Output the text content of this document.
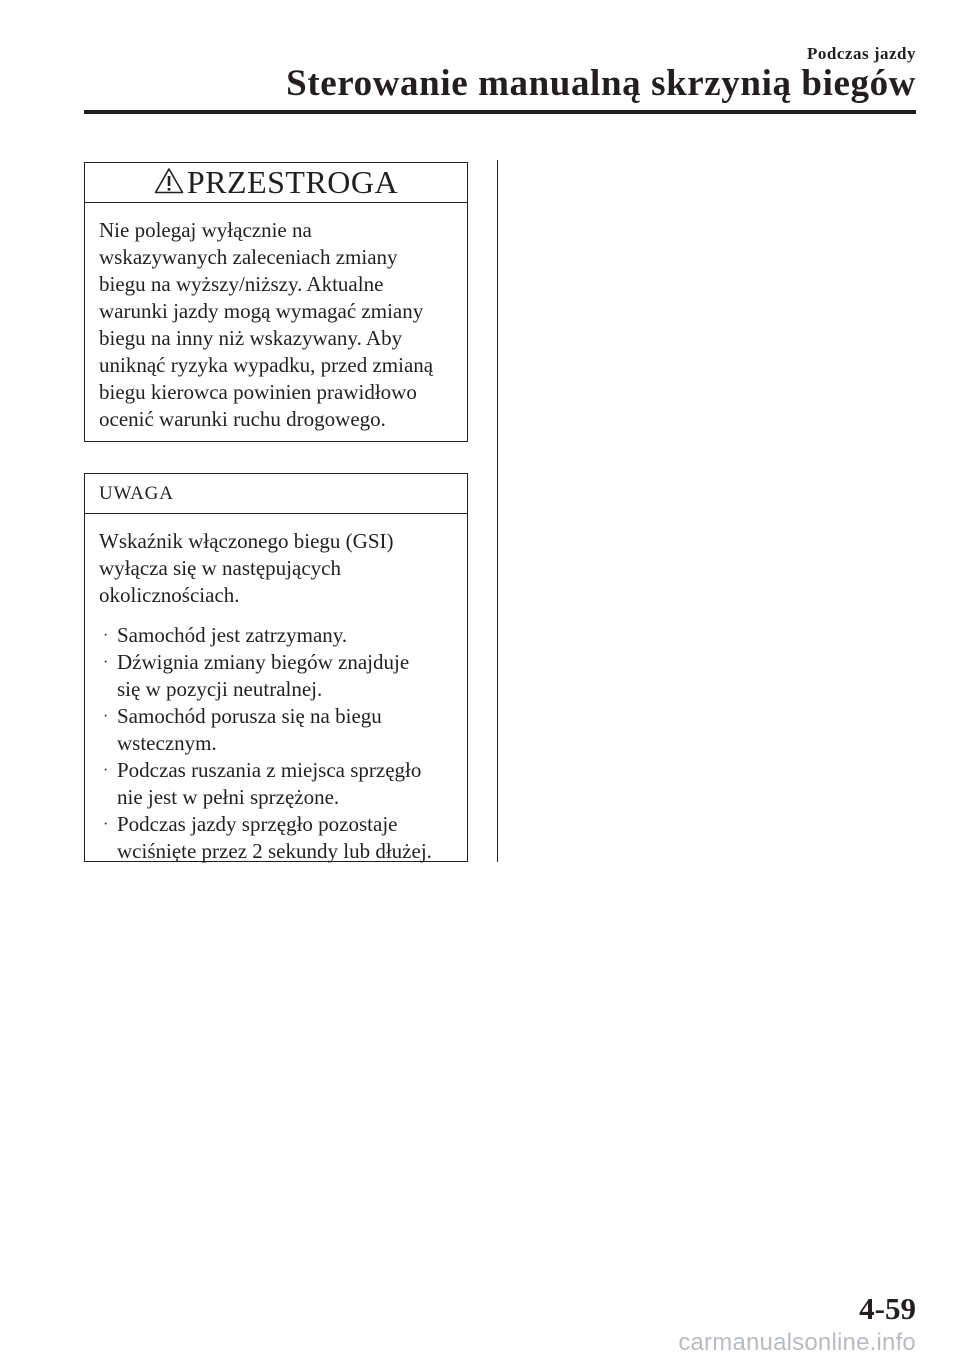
Podczas jazdy
Sterowanie manualną skrzynią biegów
PRZESTROGA

Nie polegaj wyłącznie na
wskazywanych zaleceniach zmiany
biegu na wyższy/niższy. Aktualne
warunki jazdy mogą wymagać zmiany
biegu na inny niż wskazywany. Aby
uniknąć ryzyka wypadku, przed zmianą
biegu kierowca powinien prawidłowo
ocenić warunki ruchu drogowego.

UWAGA

Wskaźnik włączonego biegu (GSI)
wyłącza się w następujących
okolicznościach.

· Samochód jest zatrzymany.
· Dźwignia zmiany biegów znajduje
się w pozycji neutralnej.
· Samochód porusza się na biegu
wstecznym.
· Podczas ruszania z miejsca sprzęgło
nie jest w pełni sprzężone.
· Podczas jazdy sprzęgło pozostaje
wciśnięte przez 2 sekundy lub dłużej.
4-59
carmanualsonline.info
